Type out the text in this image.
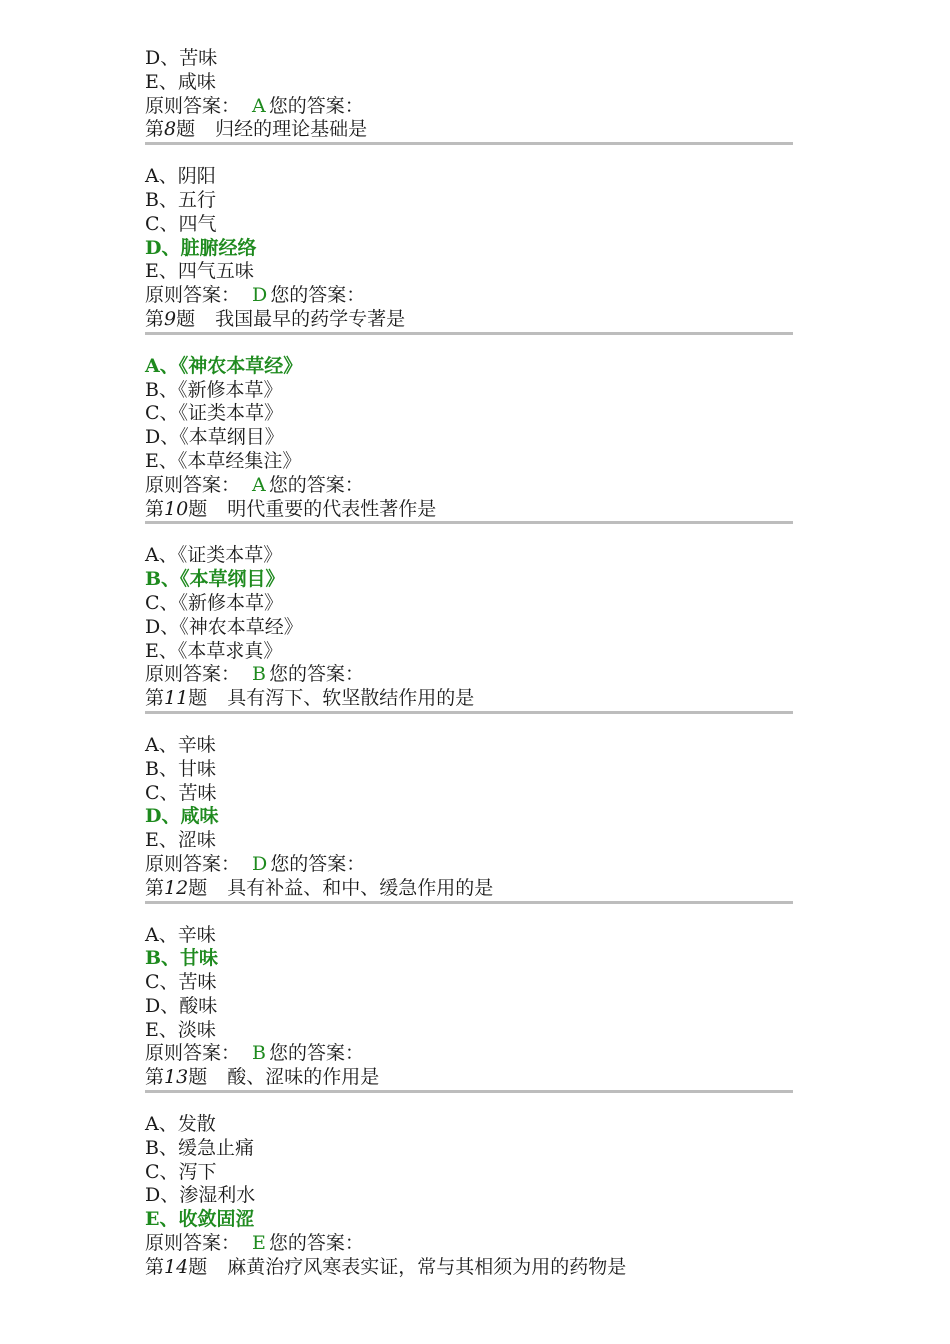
D、苦味
E、咸味
原则答案： A 您的答案：
第8题 归经的理论基础是
A、阴阳
B、五行
C、四气
D、脏腑经络
E、四气五味
原则答案： D 您的答案：
第9题 我国最早的药学专著是
A、《神农本草经》
B、《新修本草》
C、《证类本草》
D、《本草纲目》
E、《本草经集注》
原则答案： A 您的答案：
第10题 明代重要的代表性著作是
A、《证类本草》
B、《本草纲目》
C、《新修本草》
D、《神农本草经》
E、《本草求真》
原则答案： B 您的答案：
第11题 具有泻下、软坚散结作用的是
A、辛味
B、甘味
C、苦味
D、咸味
E、涩味
原则答案： D 您的答案：
第12题 具有补益、和中、缓急作用的是
A、辛味
B、甘味
C、苦味
D、酸味
E、淡味
原则答案： B 您的答案：
第13题 酸、涩味的作用是
A、发散
B、缓急止痛
C、泻下
D、渗湿利水
E、收敛固涩
原则答案： E 您的答案：
第14题 麻黄治疗风寒表实证，常与其相须为用的药物是
